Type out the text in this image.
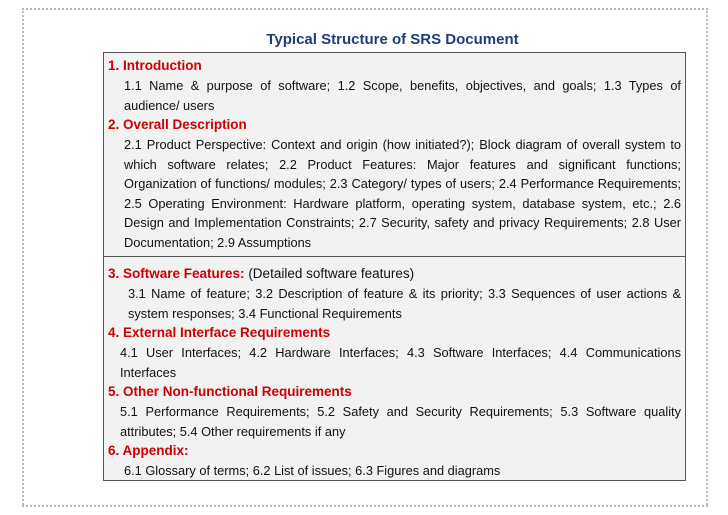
Typical Structure of SRS Document

1. Introduction

1.1 Name & purpose of software; 1.2 Scope, benefits, objectives, and goals; 1.3 Types of audience/ users

2. Overall Description

2.1 Product Perspective: Context and origin (how initiated?); Block diagram of overall system to which software relates; 2.2 Product Features: Major features and significant functions; Organization of functions/ modules; 2.3 Category/ types of users; 2.4 Performance Requirements; 2.5 Operating Environment: Hardware platform, operating system, database system, etc.; 2.6 Design and Implementation Constraints; 2.7 Security, safety and privacy Requirements; 2.8 User Documentation; 2.9 Assumptions

3. Software Features: (Detailed software features)

3.1 Name of feature; 3.2 Description of feature & its priority; 3.3 Sequences of user actions & system responses; 3.4 Functional Requirements

4. External Interface Requirements

4.1 User Interfaces; 4.2 Hardware Interfaces; 4.3 Software Interfaces; 4.4 Communications Interfaces

5. Other Non-functional Requirements

5.1 Performance Requirements; 5.2 Safety and Security Requirements; 5.3 Software quality attributes; 5.4 Other requirements if any

6. Appendix:

6.1 Glossary of terms; 6.2 List of issues; 6.3 Figures and diagrams
